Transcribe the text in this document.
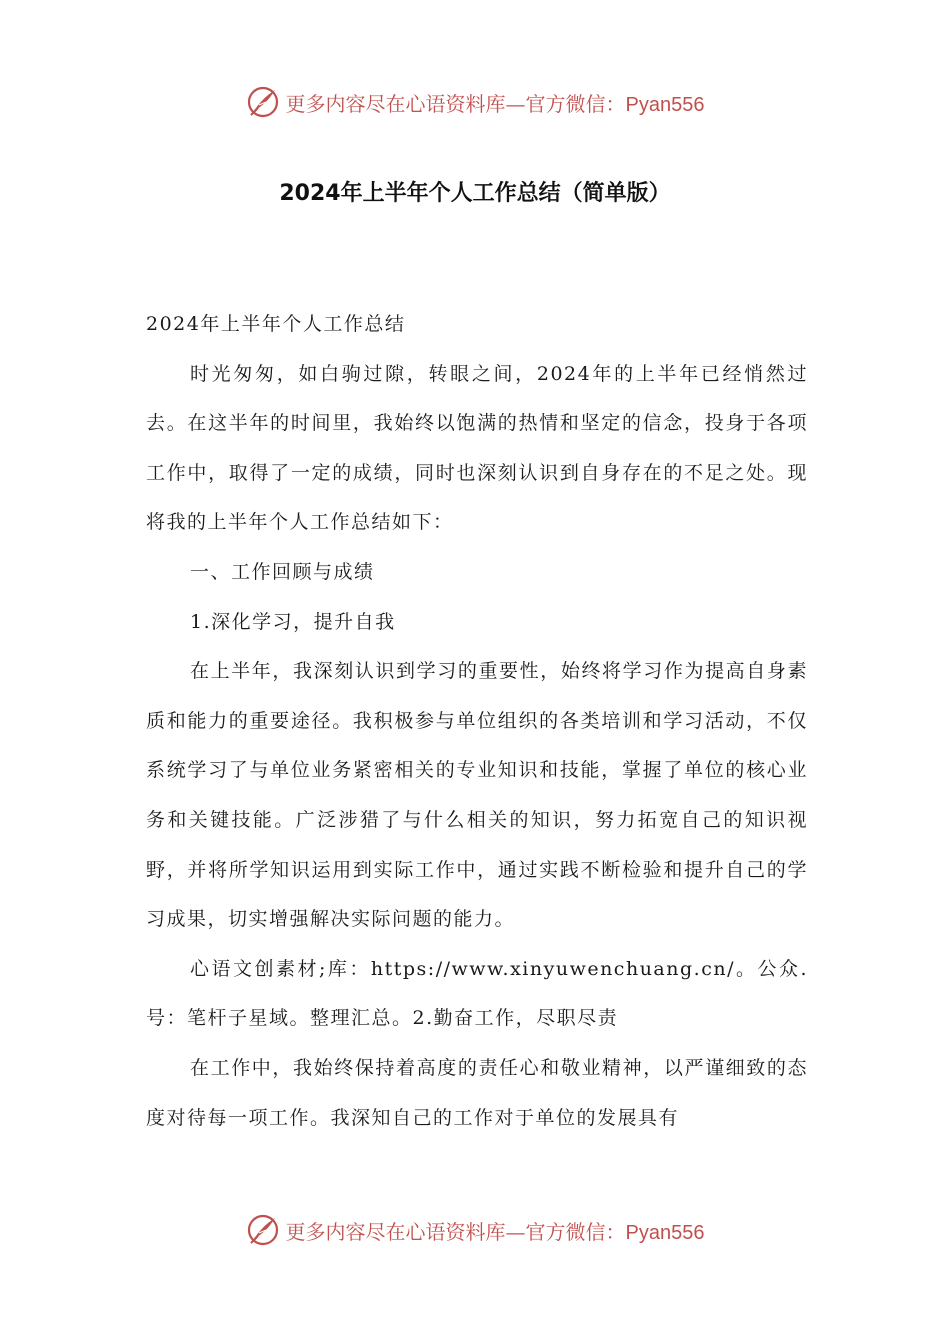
更多内容尽在心语资料库—官方微信：Pyan556
2024年上半年个人工作总结（简单版）

2024年上半年个人工作总结

时光匆匆，如白驹过隙，转眼之间，2024年的上半年已经悄然过去。在这半年的时间里，我始终以饱满的热情和坚定的信念，投身于各项工作中，取得了一定的成绩，同时也深刻认识到自身存在的不足之处。现将我的上半年个人工作总结如下：

一、工作回顾与成绩

1.深化学习，提升自我

在上半年，我深刻认识到学习的重要性，始终将学习作为提高自身素质和能力的重要途径。我积极参与单位组织的各类培训和学习活动，不仅系统学习了与单位业务紧密相关的专业知识和技能，掌握了单位的核心业务和关键技能。广泛涉猎了与什么相关的知识，努力拓宽自己的知识视野，并将所学知识运用到实际工作中，通过实践不断检验和提升自己的学习成果，切实增强解决实际问题的能力。

心语文创素材;库：https://www.xinyuwenchuang.cn/。公众.号：笔杆子星域。整理汇总。2.勤奋工作，尽职尽责

在工作中，我始终保持着高度的责任心和敬业精神，以严谨细致的态度对待每一项工作。我深知自己的工作对于单位的发展具有

更多内容尽在心语资料库—官方微信：Pyan556
